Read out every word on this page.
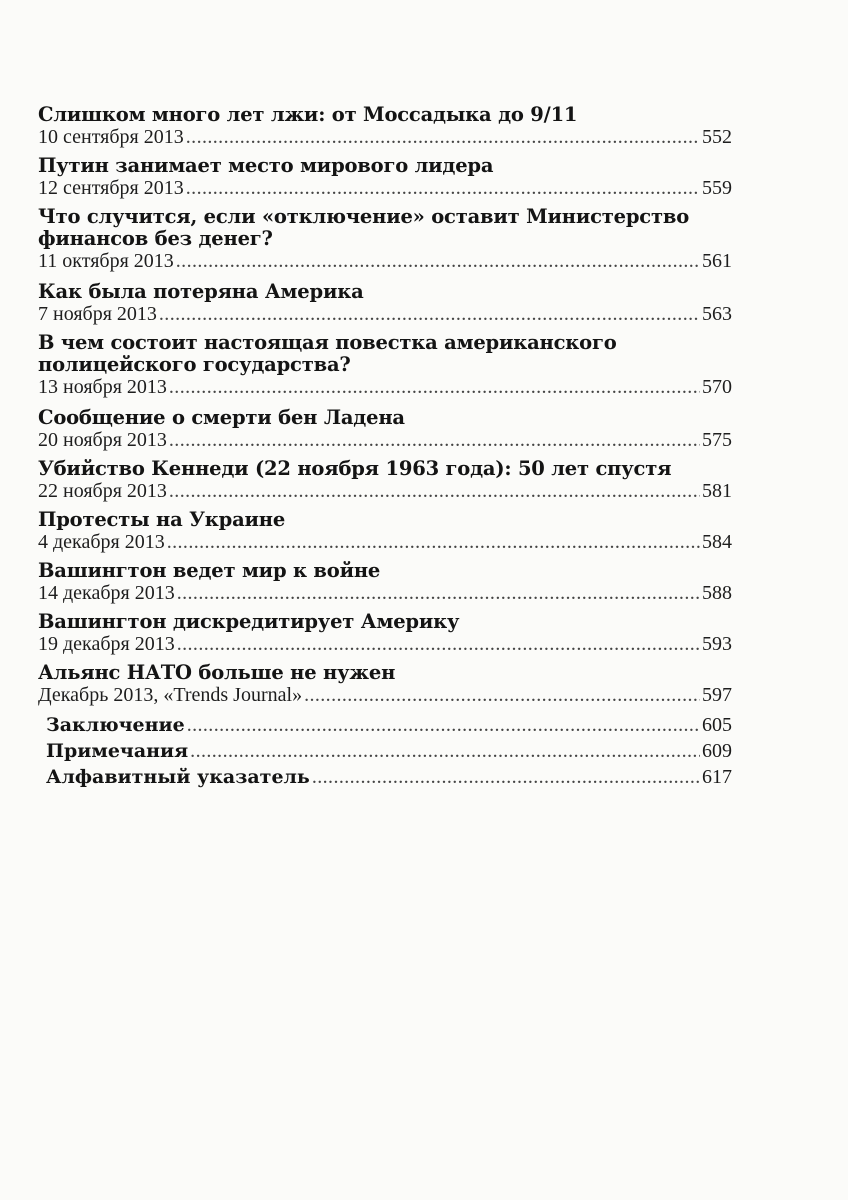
Слишком много лет лжи: от Моссадыка до 9/11
10 сентября 2013 . . .	552
Путин занимает место мирового лидера
12 сентября 2013 . . .	559
Что случится, если «отключение» оставит Министерство
финансов без денег?
11 октября 2013 . . .	561
Как была потеряна Америка
7 ноября 2013 . . .	563
В чем состоит настоящая повестка американского
полицейского государства?
13 ноября 2013 . . .	570
Сообщение о смерти бен Ладена
20 ноября 2013 . . .	575
Убийство Кеннеди (22 ноября 1963 года): 50 лет спустя
22 ноября 2013 . . .	581
Протесты на Украине
4 декабря 2013 . . .	584
Вашингтон ведет мир к войне
14 декабря 2013 . . .	588
Вашингтон дискредитирует Америку
19 декабря 2013 . . .	593
Альянс НАТО больше не нужен
Декабрь 2013, «Trends Journal» . . .	597
Заключение . . .	605
Примечания . . .	609
Алфавитный указатель . . .	617
